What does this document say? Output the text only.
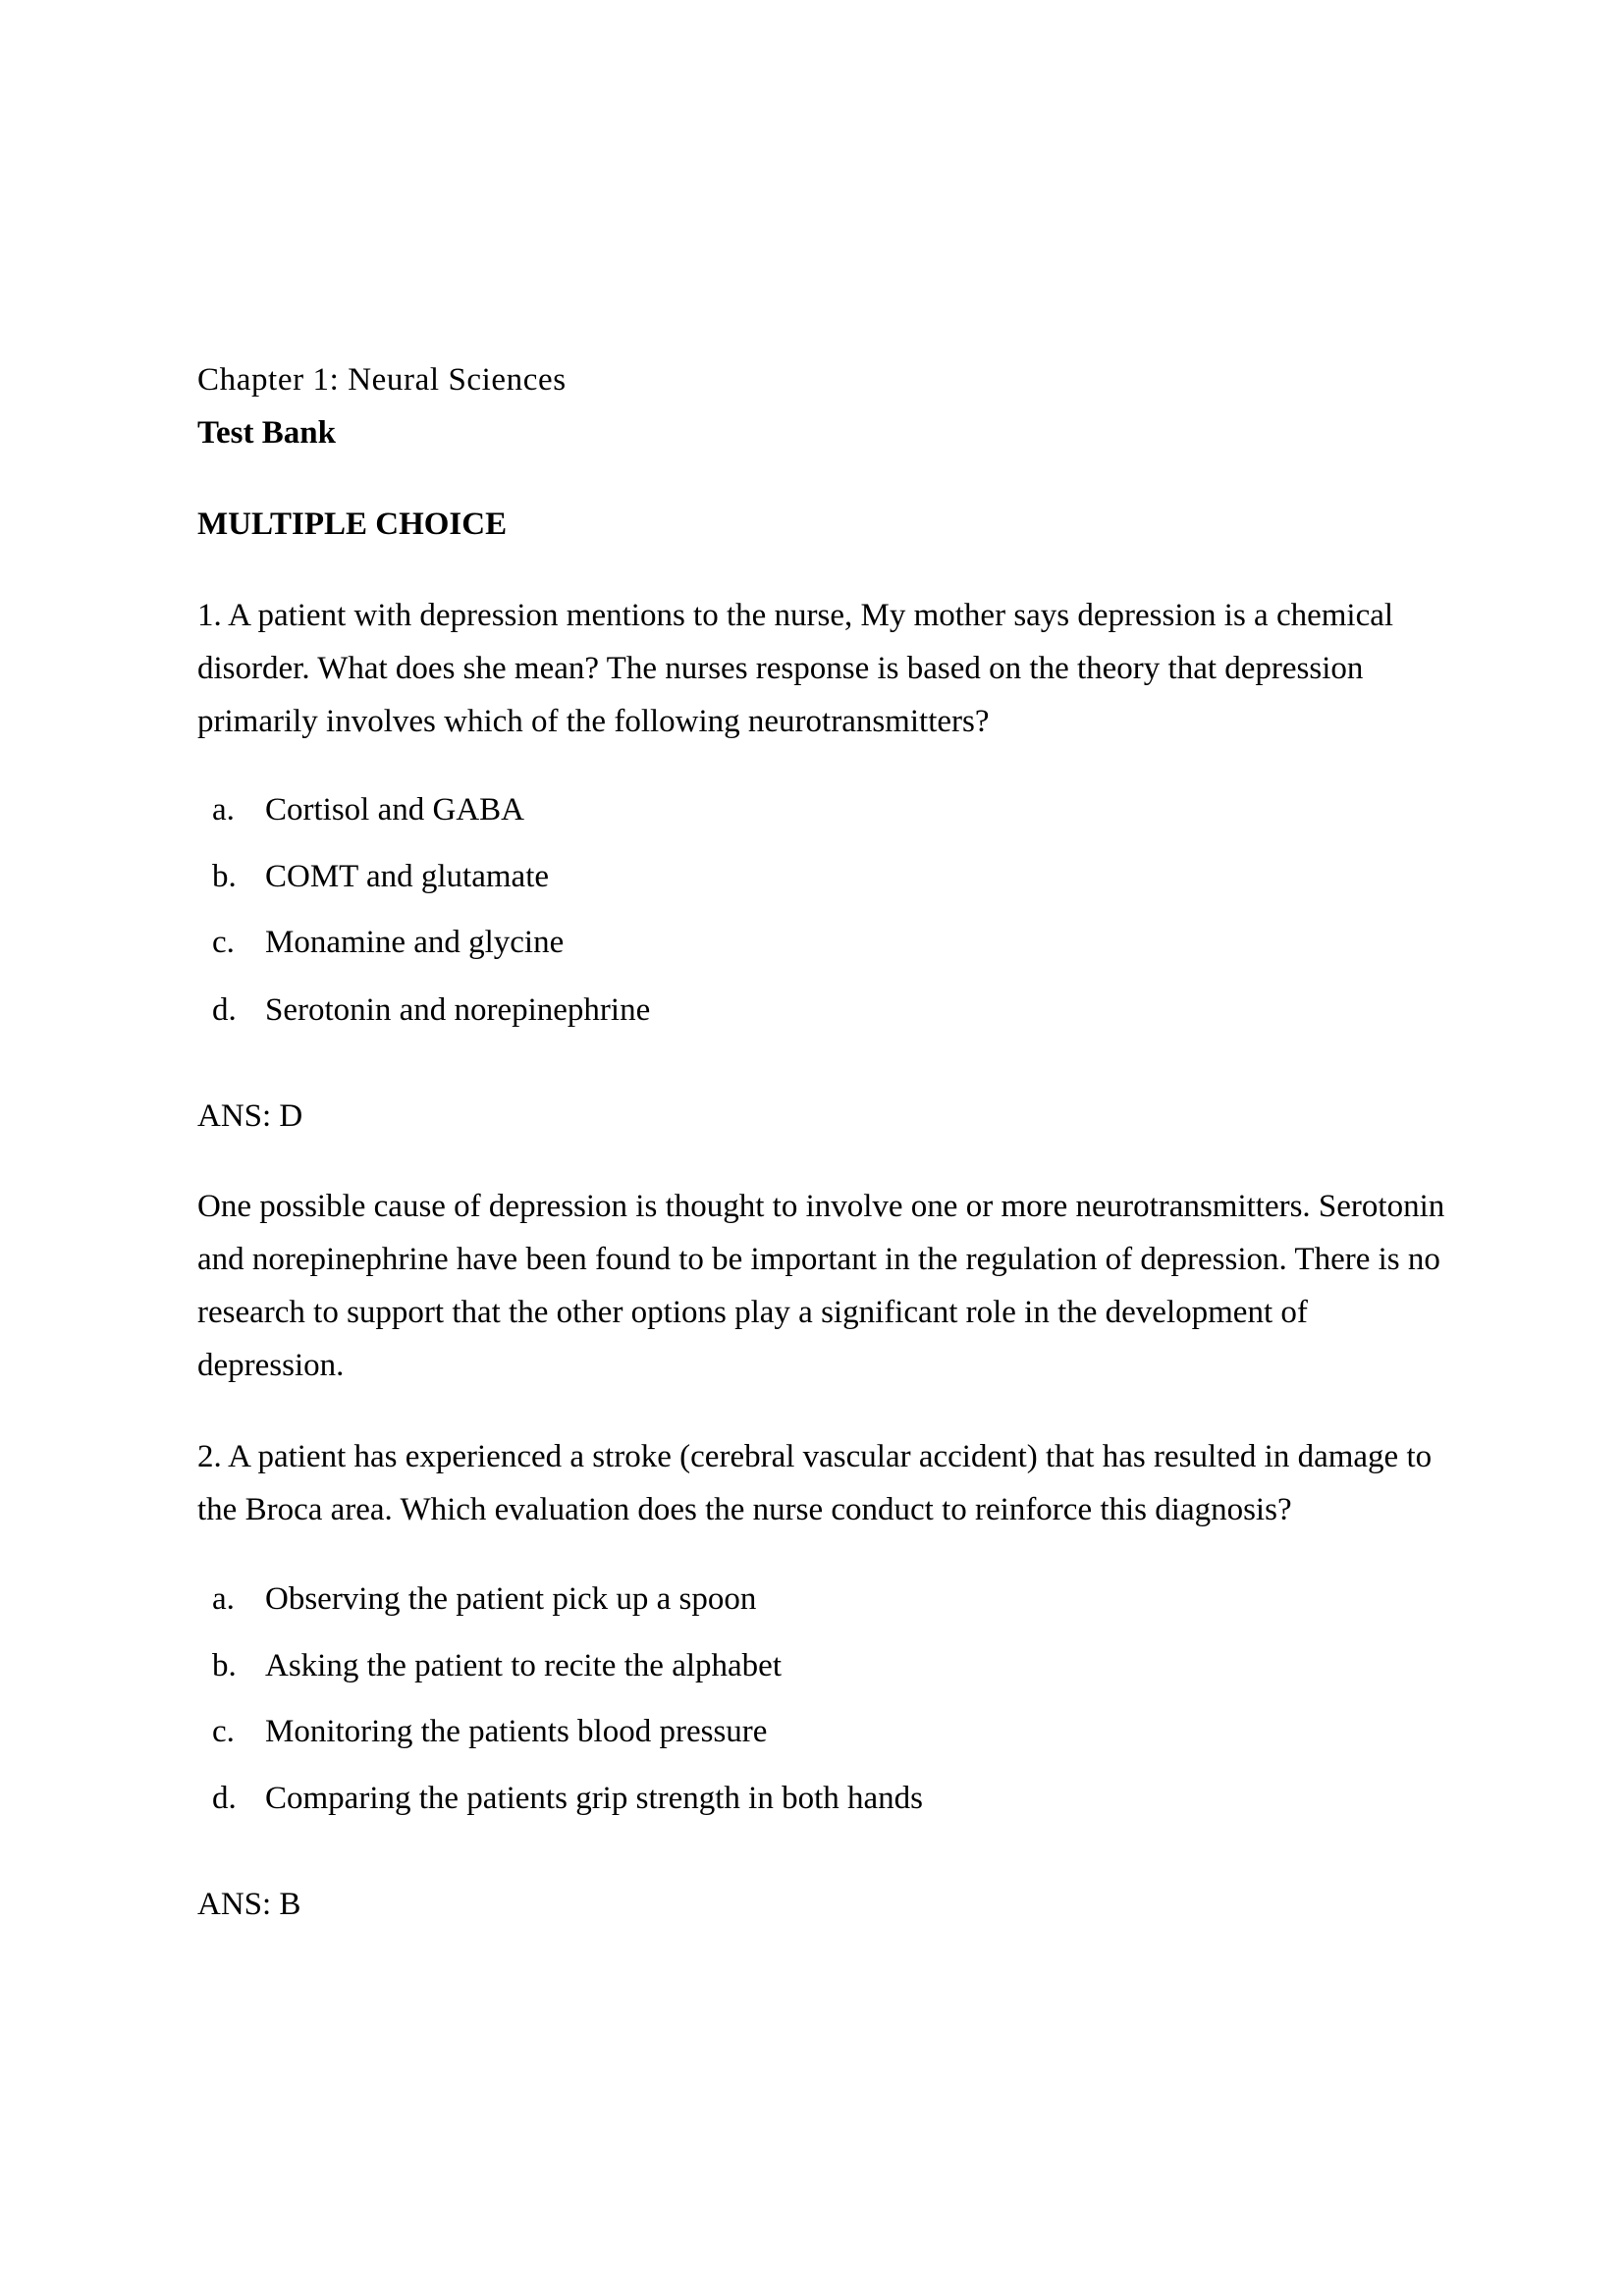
Chapter 1: Neural Sciences
Test Bank
MULTIPLE CHOICE
1. A patient with depression mentions to the nurse, My mother says depression is a chemical
disorder. What does she mean? The nurses response is based on the theory that depression
primarily involves which of the following neurotransmitters?
a. Cortisol and GABA
b. COMT and glutamate
c. Monamine and glycine
d. Serotonin and norepinephrine
ANS: D
One possible cause of depression is thought to involve one or more neurotransmitters. Serotonin
and norepinephrine have been found to be important in the regulation of depression. There is no
research to support that the other options play a significant role in the development of
depression.
2. A patient has experienced a stroke (cerebral vascular accident) that has resulted in damage to
the Broca area. Which evaluation does the nurse conduct to reinforce this diagnosis?
a. Observing the patient pick up a spoon
b. Asking the patient to recite the alphabet
c. Monitoring the patients blood pressure
d. Comparing the patients grip strength in both hands
ANS: B
